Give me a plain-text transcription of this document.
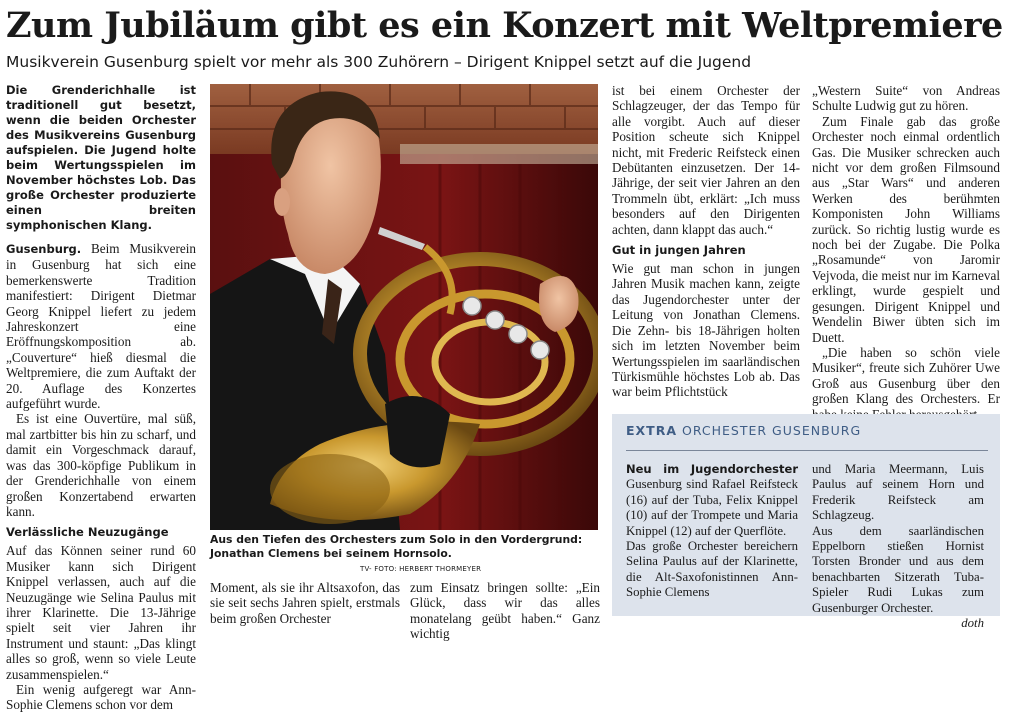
Zum Jubiläum gibt es ein Konzert mit Weltpremiere
Musikverein Gusenburg spielt vor mehr als 300 Zuhörern – Dirigent Knippel setzt auf die Jugend
Die Grenderichhalle ist traditionell gut besetzt, wenn die beiden Orchester des Musikvereins Gusenburg aufspielen. Die Jugend holte beim Wertungsspielen im November höchstes Lob. Das große Orchester produzierte einen breiten symphonischen Klang.

Gusenburg. Beim Musikverein in Gusenburg hat sich eine bemerkenswerte Tradition manifestiert: Dirigent Dietmar Georg Knippel liefert zu jedem Jahreskonzert eine Eröffnungskomposition ab. „Couverture“ hieß diesmal die Weltpremiere, die zum Auftakt der 20. Auflage des Konzertes aufgeführt wurde.

Es ist eine Ouvertüre, mal süß, mal zartbitter bis hin zu scharf, und damit ein Vorgeschmack darauf, was das 300-köpfige Publikum in der Grenderichhalle von einem großen Konzertabend erwarten kann.

Verlässliche Neuzugänge

Auf das Können seiner rund 60 Musiker kann sich Dirigent Knippel verlassen, auch auf die Neuzugänge wie Selina Paulus mit ihrer Klarinette. Die 13-Jährige spielt seit vier Jahren ihr Instrument und staunt: „Das klingt alles so groß, wenn so viele Leute zusammenspielen.“

Ein wenig aufgeregt war Ann-Sophie Clemens schon vor dem

Aus den Tiefen des Orchesters zum Solo in den Vordergrund: Jonathan Clemens bei seinem Hornsolo.
TV- FOTO: HERBERT THORMEYER

Moment, als sie ihr Altsaxofon, das sie seit sechs Jahren spielt, erstmals beim großen Orchester

zum Einsatz bringen sollte: „Ein Glück, dass wir das alles monatelang geübt haben.“ Ganz wichtig

ist bei einem Orchester der Schlagzeuger, der das Tempo für alle vorgibt. Auch auf dieser Position scheute sich Knippel nicht, mit Frederic Reifsteck einen Debütanten einzusetzen. Der 14-Jährige, der seit vier Jahren an den Trommeln übt, erklärt: „Ich muss besonders auf den Dirigenten achten, dann klappt das auch.“

Gut in jungen Jahren

Wie gut man schon in jungen Jahren Musik machen kann, zeigte das Jugendorchester unter der Leitung von Jonathan Clemens. Die Zehn- bis 18-Jährigen holten sich im letzten November beim Wertungsspielen im saarländischen Türkismühle höchstes Lob ab. Das war beim Pflichtstück

„Western Suite“ von Andreas Schulte Ludwig gut zu hören.

Zum Finale gab das große Orchester noch einmal ordentlich Gas. Die Musiker schrecken auch nicht vor dem großen Filmsound aus „Star Wars“ und anderen Werken des berühmten Komponisten John Williams zurück. So richtig lustig wurde es noch bei der Zugabe. Die Polka „Rosamunde“ von Jaromir Vejvoda, die meist nur im Karneval erklingt, wurde gespielt und gesungen. Dirigent Knippel und Wendelin Biwer übten sich im Duett.

„Die haben so schön viele Musiker“, freute sich Zuhörer Uwe Groß aus Gusenburg über den großen Klang des Orchesters. Er

EXTRA ORCHESTER GUSENBURG

Neu im Jugendorchester Gusenburg sind Rafael Reifsteck (16) auf der Tuba, Felix Knippel (10) auf der Trompete und Maria Knippel (12) auf der Querflöte.

Das große Orchester bereichern Selina Paulus auf der Klarinette, die Alt-Saxofonistinnen Ann-Sophie Clemens

und Maria Meermann, Luis Paulus auf seinem Horn und Frederik Reifsteck am Schlagzeug.

Aus dem saarländischen Eppelborn stießen Hornist Torsten Bronder und aus dem benachbarten Sitzerath Tuba-Spieler Rudi Lukas zum Gusenburger Orchester.

doth
